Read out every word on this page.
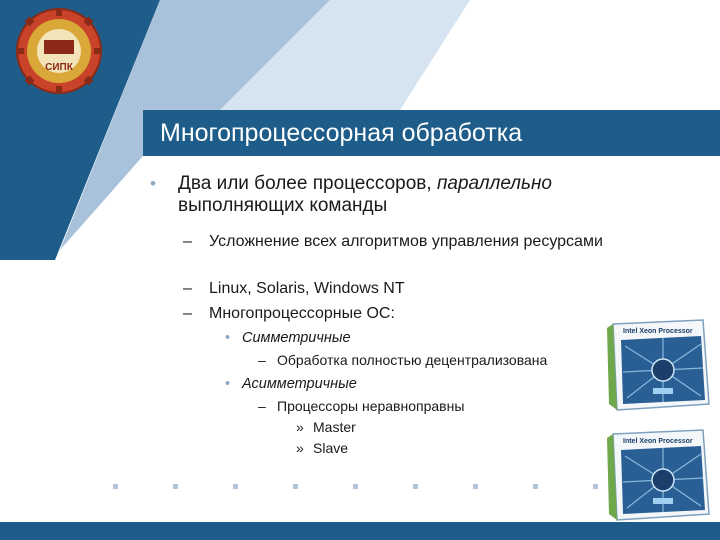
СИПК
Многопроцессорная обработка
• Два или более процессоров, параллельно
выполняющих команды
– Усложнение всех алгоритмов управления ресурсами
– Linux, Solaris, Windows NT
– Многопроцессорные ОС:
• Симметричные
– Обработка полностью децентрализована
• Асимметричные
– Процессоры неравноправны
» Master
» Slave
Intel Xeon Processor
Intel Xeon Processor
